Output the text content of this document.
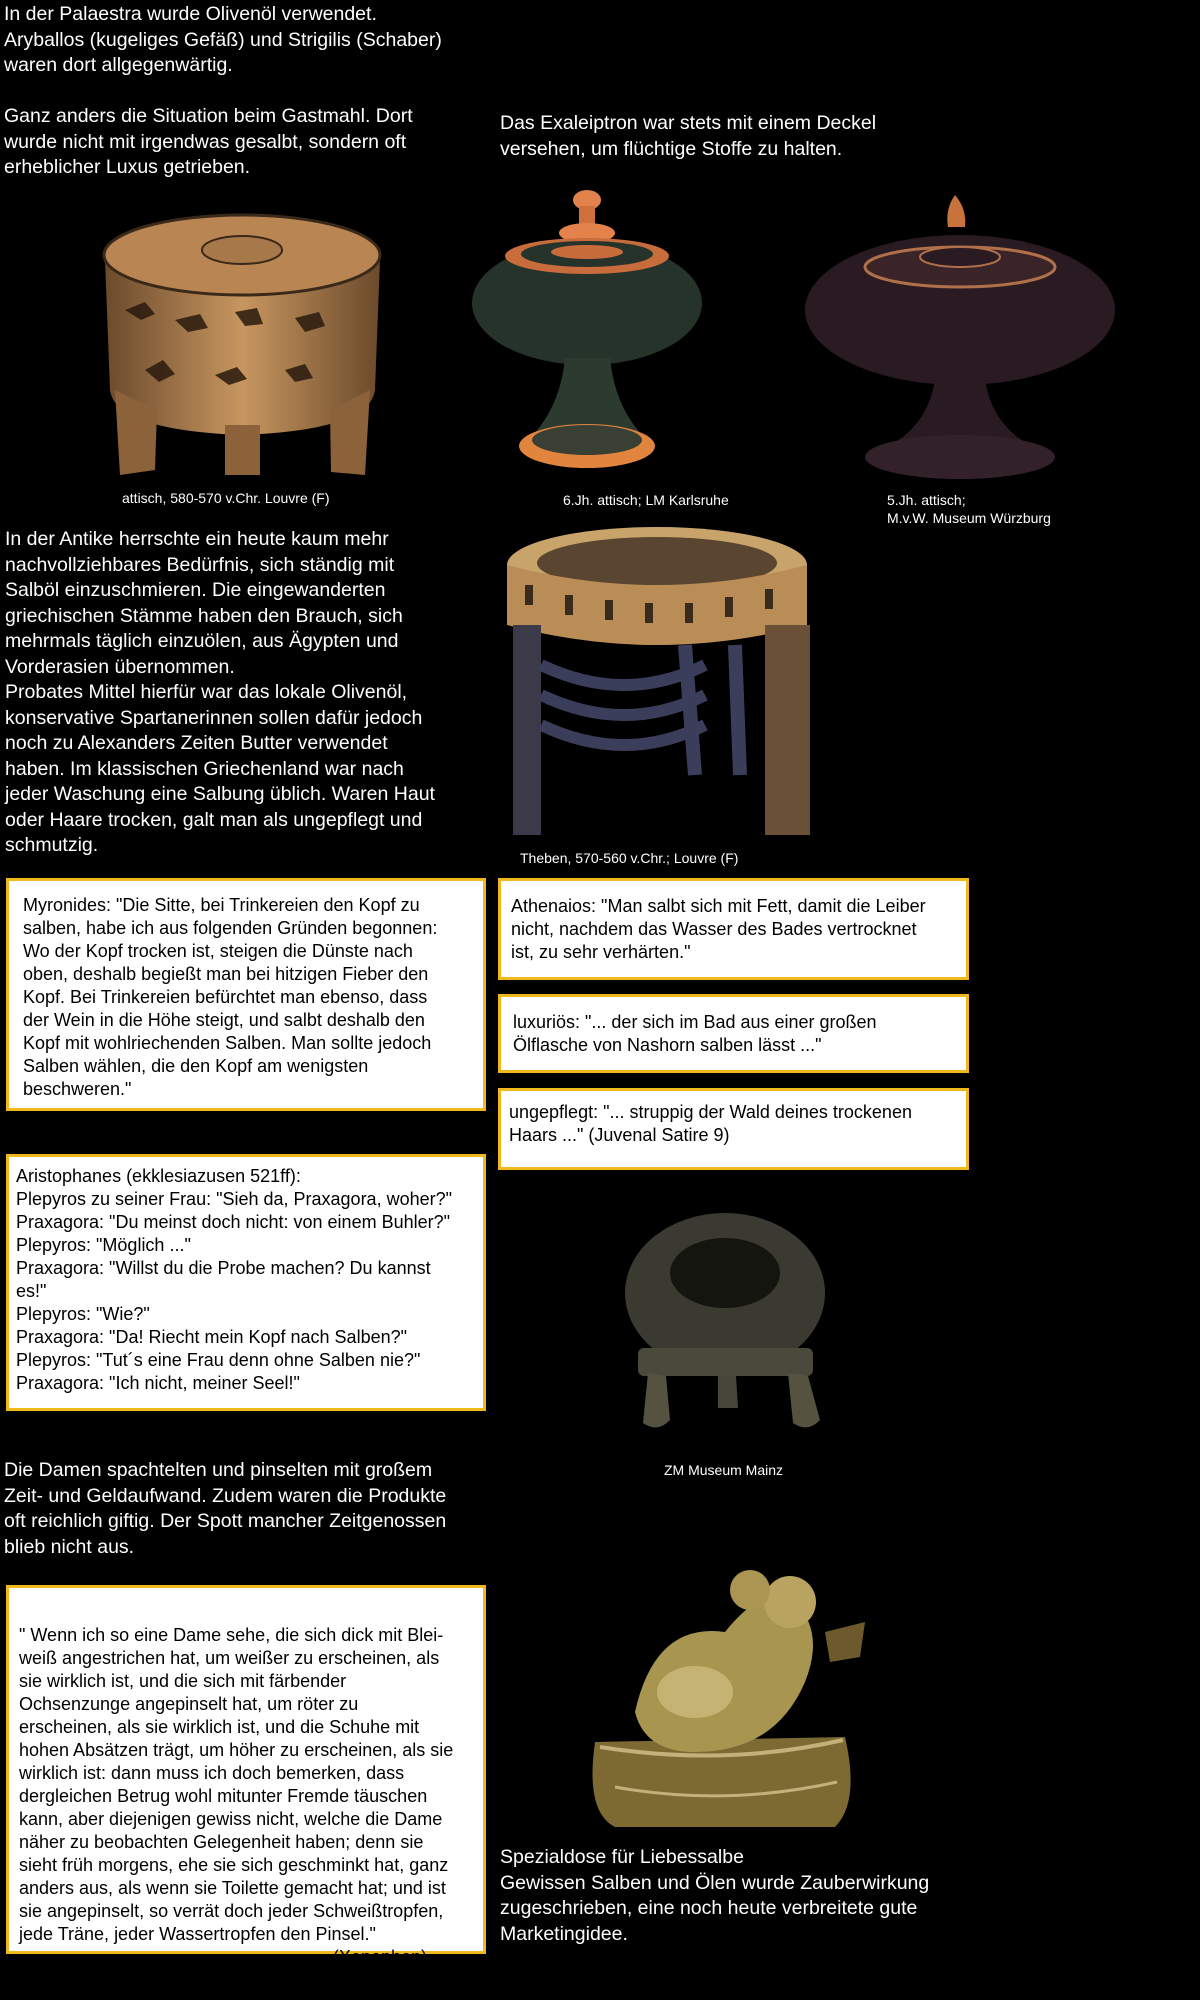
In der Palaestra wurde Olivenöl verwendet.
Aryballos (kugeliges Gefäß) und Strigilis (Schaber)
waren dort allgegenwärtig.

Ganz anders die Situation beim Gastmahl. Dort
wurde nicht mit irgendwas gesalbt, sondern oft
erheblicher Luxus getrieben.

Das Exaleiptron war stets mit einem Deckel
versehen, um flüchtige Stoffe zu halten.

attisch, 580-570 v.Chr. Louvre (F)	6.Jh. attisch; LM Karlsruhe	5.Jh. attisch;
M.v.W. Museum Würzburg

In der Antike herrschte ein heute kaum mehr
nachvollziehbares Bedürfnis, sich ständig mit
Salböl einzuschmieren. Die eingewanderten
griechischen Stämme haben den Brauch, sich
mehrmals täglich einzuölen, aus Ägypten und
Vorderasien übernommen.
Probates Mittel hierfür war das lokale Olivenöl,
konservative Spartanerinnen sollen dafür jedoch
noch zu Alexanders Zeiten Butter verwendet
haben. Im klassischen Griechenland war nach
jeder Waschung eine Salbung üblich. Waren Haut
oder Haare trocken, galt man als ungepflegt und
schmutzig.

Theben, 570-560 v.Chr.; Louvre (F)
Myronides: "Die Sitte, bei Trinkereien den Kopf zu
salben, habe ich aus folgenden Gründen begonnen:
Wo der Kopf trocken ist, steigen die Dünste nach
oben, deshalb begießt man bei hitzigen Fieber den
Kopf. Bei Trinkereien befürchtet man ebenso, dass
der Wein in die Höhe steigt, und salbt deshalb den
Kopf mit wohlriechenden Salben. Man sollte jedoch
Salben wählen, die den Kopf am wenigsten
beschweren."
Athenaios: "Man salbt sich mit Fett, damit die Leiber
nicht, nachdem das Wasser des Bades vertrocknet
ist, zu sehr verhärten."
luxuriös: "... der sich im Bad aus einer großen
Ölflasche von Nashorn salben lässt ..."
ungepflegt: "... struppig der Wald deines trockenen
Haars ..." (Juvenal Satire 9)
Aristophanes (ekklesiazusen 521ff):
Plepyros zu seiner Frau: "Sieh da, Praxagora, woher?"
Praxagora: "Du meinst doch nicht: von einem Buhler?"
Plepyros: "Möglich ..."
Praxagora: "Willst du die Probe machen? Du kannst
es!"
Plepyros: "Wie?"
Praxagora: "Da! Riecht mein Kopf nach Salben?"
Plepyros: "Tut´s eine Frau denn ohne Salben nie?"
Praxagora: "Ich nicht, meiner Seel!"
ZM Museum Mainz

Die Damen spachtelten und pinselten mit großem
Zeit- und Geldaufwand. Zudem waren die Produkte
oft reichlich giftig. Der Spott mancher Zeitgenossen
blieb nicht aus.

" Wenn ich so eine Dame sehe, die sich dick mit Blei-
weiß angestrichen hat, um weißer zu erscheinen, als
sie wirklich ist, und die sich mit färbender
Ochsenzunge angepinselt hat, um röter zu
erscheinen, als sie wirklich ist, und die Schuhe mit
hohen Absätzen trägt, um höher zu erscheinen, als sie
wirklich ist: dann muss ich doch bemerken, dass
dergleichen Betrug wohl mitunter Fremde täuschen
kann, aber diejenigen gewiss nicht, welche die Dame
näher zu beobachten Gelegenheit haben; denn sie
sieht früh morgens, ehe sie sich geschminkt hat, ganz
anders aus, als wenn sie Toilette gemacht hat; und ist
sie angepinselt, so verrät doch jeder Schweißtropfen,
jede Träne, jeder Wassertropfen den Pinsel."

(Xenophon)

Spezialdose für Liebessalbe
Gewissen Salben und Ölen wurde Zauberwirkung
zugeschrieben, eine noch heute verbreitete gute
Marketingidee.
